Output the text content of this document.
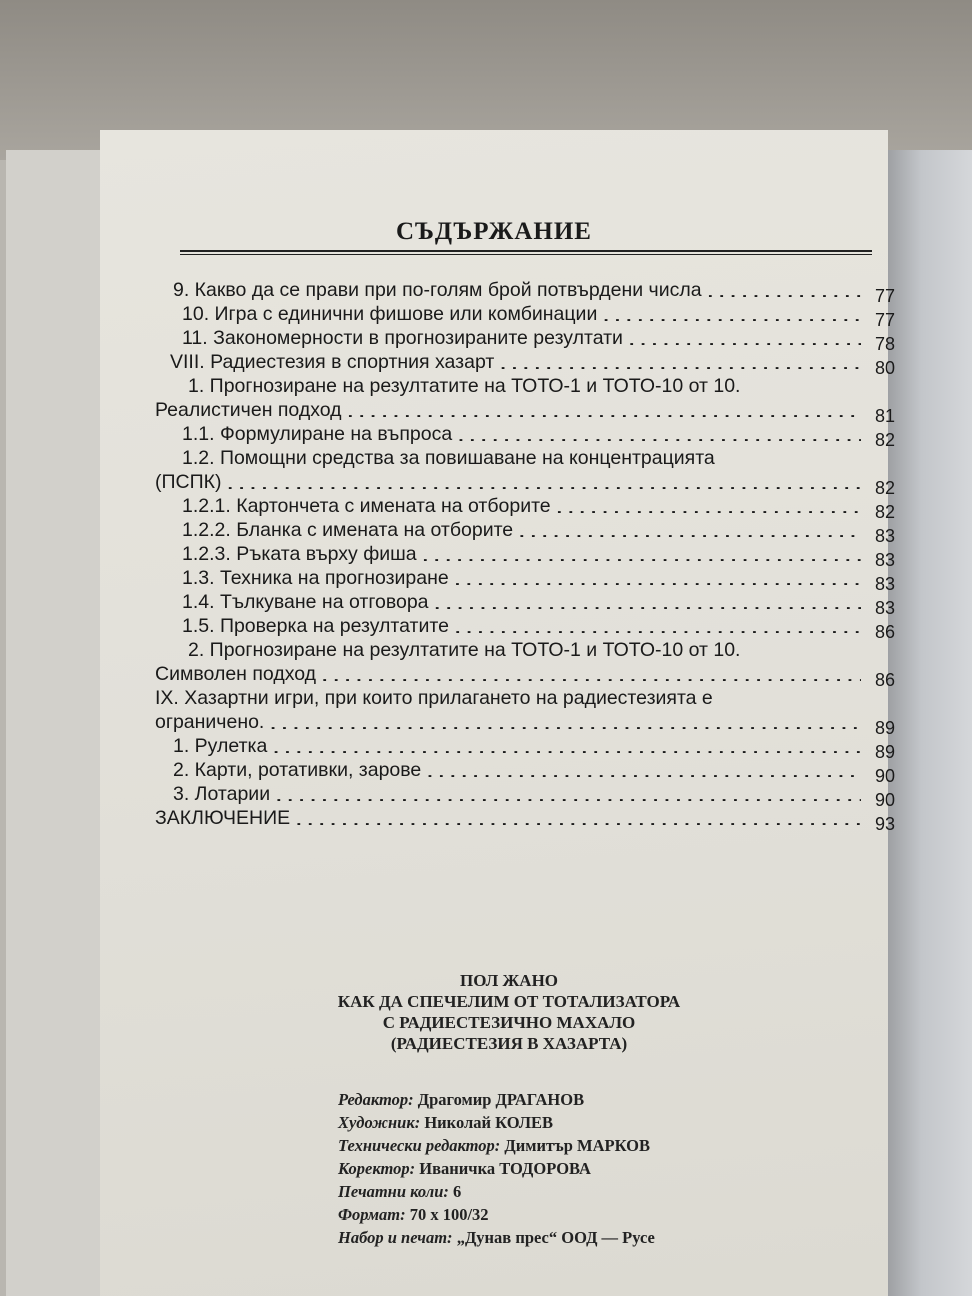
СЪДЪРЖАНИЕ
9. Какво да се прави при по-голям брой потвърдени числа .....	77
10. Игра с единични фишове или комбинации .....	77
11. Закономерности в прогнозираните резултати .....	78
VIII. Радиестезия в спортния хазарт .....	80
1. Прогнозиране на резултатите на ТОТО-1 и ТОТО-10 от 10.
Реалистичен подход .....	81
1.1. Формулиране на въпроса .....	82
1.2. Помощни средства за повишаване на концентрацията
(ПСПК) .....	82
1.2.1. Картончета с имената на отборите .....	82
1.2.2. Бланка с имената на отборите .....	83
1.2.3. Ръката върху фиша .....	83
1.3. Техника на прогнозиране .....	83
1.4. Тълкуване на отговора .....	83
1.5. Проверка на резултатите .....	86
2. Прогнозиране на резултатите на ТОТО-1 и ТОТО-10 от 10.
Символен подход .....	86
IX. Хазартни игри, при които прилагането на радиестезията е
ограничено. .....	89
1. Рулетка .....	89
2. Карти, ротативки, зарове .....	90
3. Лотарии .....	90
ЗАКЛЮЧЕНИЕ .....	93
ПОЛ ЖАНО
КАК ДА СПЕЧЕЛИМ ОТ ТОТАЛИЗАТОРА
С РАДИЕСТЕЗИЧНО МАХАЛО
(РАДИЕСТЕЗИЯ В ХАЗАРТА)
Редактор: Драгомир ДРАГАНОВ
Художник: Николай КОЛЕВ
Технически редактор: Димитър МАРКОВ
Коректор: Иваничка ТОДОРОВА
Печатни коли: 6
Формат: 70 x 100/32
Набор и печат: „Дунав прес“ ООД — Русе
